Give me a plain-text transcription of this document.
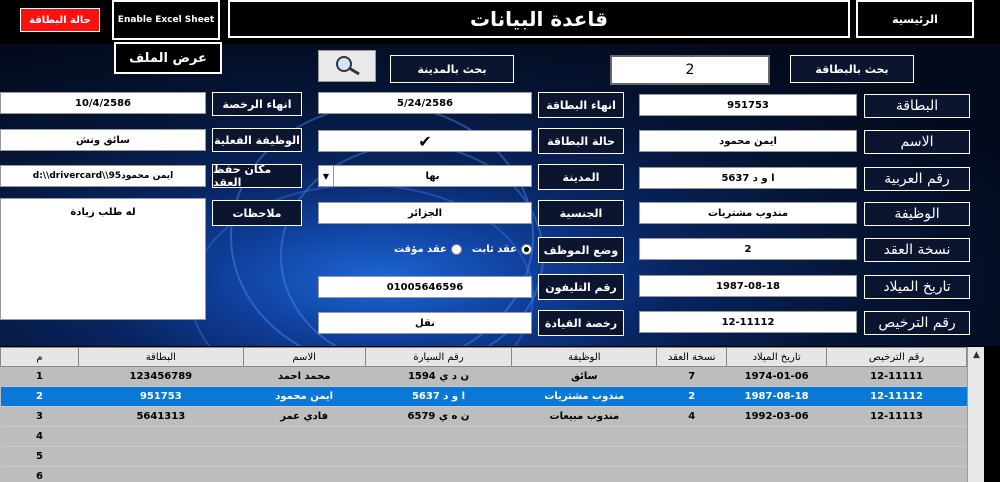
حالة البطاقة	Enable Excel Sheet	قاعدة البيانات	الرئيسية
عرض الملف
بحث بالمدينة	2	بحث بالبطاقة
951753	البطاقة
ايمن محمود	الاسم
ا و د 5637	رقم العربية
مندوب مشتريات	الوظيفة
2	نسخة العقد
1987-08-18	تاريخ الميلاد
12-11112	رقم الترخيص
5/24/2586	انهاء البطاقة
✔	حالة البطاقة
▼	بها	المدينة
الجزائر	الجنسية
عقد ثابت
عقد مؤقت	وضع الموظف
01005646596	رقم التليفون
نقل	رخصة القيادة
10/4/2586	انهاء الرخصة
سائق ونش	الوظيفة الفعلية
d:\\drivercard\\95ايمن محمود	مكان حفظ العقد
له طلب زيادة	ملاحظات
م	البطاقة	الاسم	رقم السيارة	الوظيفة	نسخة العقد	تاريخ الميلاد	رقم الترخيص
1	123456789	محمد احمد	ن د ي 1594	سائق	7	1974-01-06	12-11111
2	951753	ايمن محمود	ا و د 5637	مندوب مشتريات	2	1987-08-18	12-11112
3	5641313	فادي عمر	ن ه ي 6579	مندوب مبيعات	4	1992-03-06	12-11113
4							
5							
6							
▲
